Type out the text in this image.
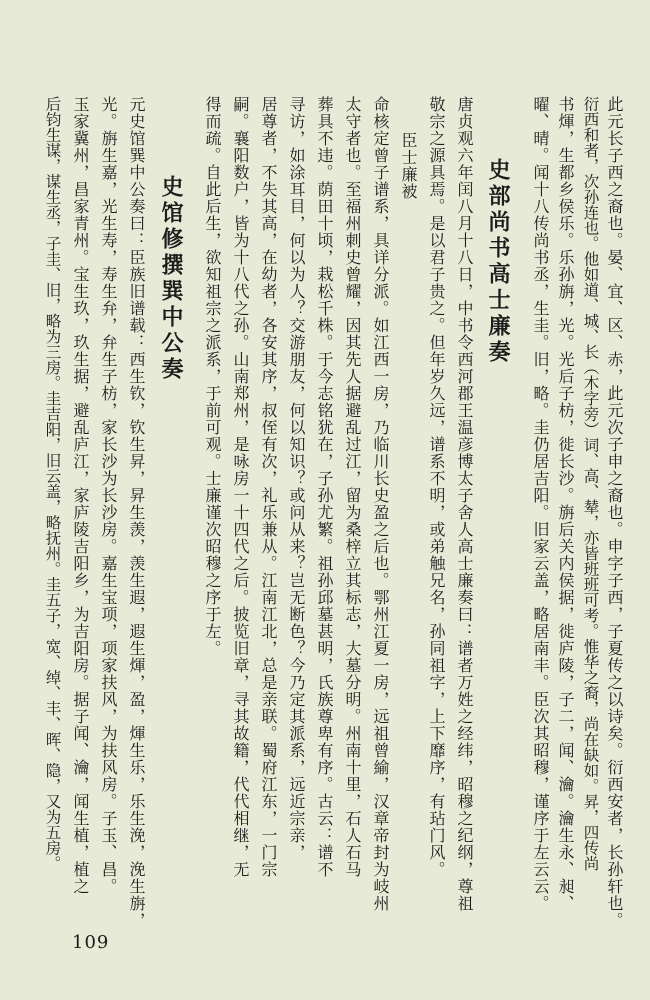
此元长子西之裔也。晏、宜、区、赤，此元次子申之裔也。申字子西，子夏传之以诗矣。衍西安者，长孙轩也。
衍西和者，次孙连也。他如道、城、长（木字旁）词、高、辇，亦皆班班可考。惟华之裔，尚在缺如。昇，四传尚
书煇，生都乡侯乐。乐孙旃，光。光后子枋，徙长沙。旃后关内侯据，徙庐陵，子二，闻、瀹。瀹生永、昶、
曜、晴。闻十八传尚书丞，生圭。旧，略。圭仍居吉阳。旧家云盖，略居南丰。臣次其昭穆，谨序于左云云。
史部尚书高士廉奏
唐贞观六年闰八月十八日，中书令西河郡王温彦博太子舍人高士廉奏曰：谱者万姓之经纬，昭穆之纪纲，尊祖
敬宗之源具焉。是以君子贵之。但年岁久远，谱系不明，或弟触兄名，孙同祖字，上下靡序，有玷门风。
臣士廉被
命核定曾子谱系，具详分派。如江西一房，乃临川长史盈之后也。鄂州江夏一房，远祖曾緰，汉章帝封为岐州
太守者也。至福州刺史曾耀，因其先人据避乱过江，留为桑梓立其标志，大墓分明。州南十里，石人石马
葬具不违。荫田十顷，栽松千株。于今志铭犹在，子孙尤繁。祖孙邱墓甚明，氏族尊卑有序。古云：谱不
寻访，如涂耳目，何以为人？交游朋友，何以知识？或问从来？岂无断色？今乃定其派系，远近宗亲，
居尊者，不失其高，在幼者，各安其序，叔侄有次，礼乐兼从。江南江北，总是亲联。蜀府江东，一门宗
嗣。襄阳数户，皆为十八代之孙。山南郑州，是咏房一十四代之后。披览旧章，寻其故籍，代代相继，无
得而疏。自此后生，欲知祖宗之派系，于前可观。士廉谨次昭穆之序于左。
史馆修撰巽中公奏
元史馆巽中公奏曰：臣族旧谱载：西生钦，钦生昇，昇生羡，羡生遐，遐生煇，盈，煇生乐，乐生浼，浼生旃，
光。旃生嘉，光生寿，寿生弁，弁生子枋，家长沙为长沙房。嘉生宝项，项家扶风，为扶风房。子玉、昌。
玉家冀州，昌家青州。宝生玖，玖生据，避乱庐江，家庐陵吉阳乡，为吉阳房。据子闻、瀹，闻生植，植之
后钧生谋，谋生丞，子圭、旧，略为三房。圭吉阳，旧云盖，略抚州。圭五子，宽、绰、丰、晖、隐，又为五房。
109
